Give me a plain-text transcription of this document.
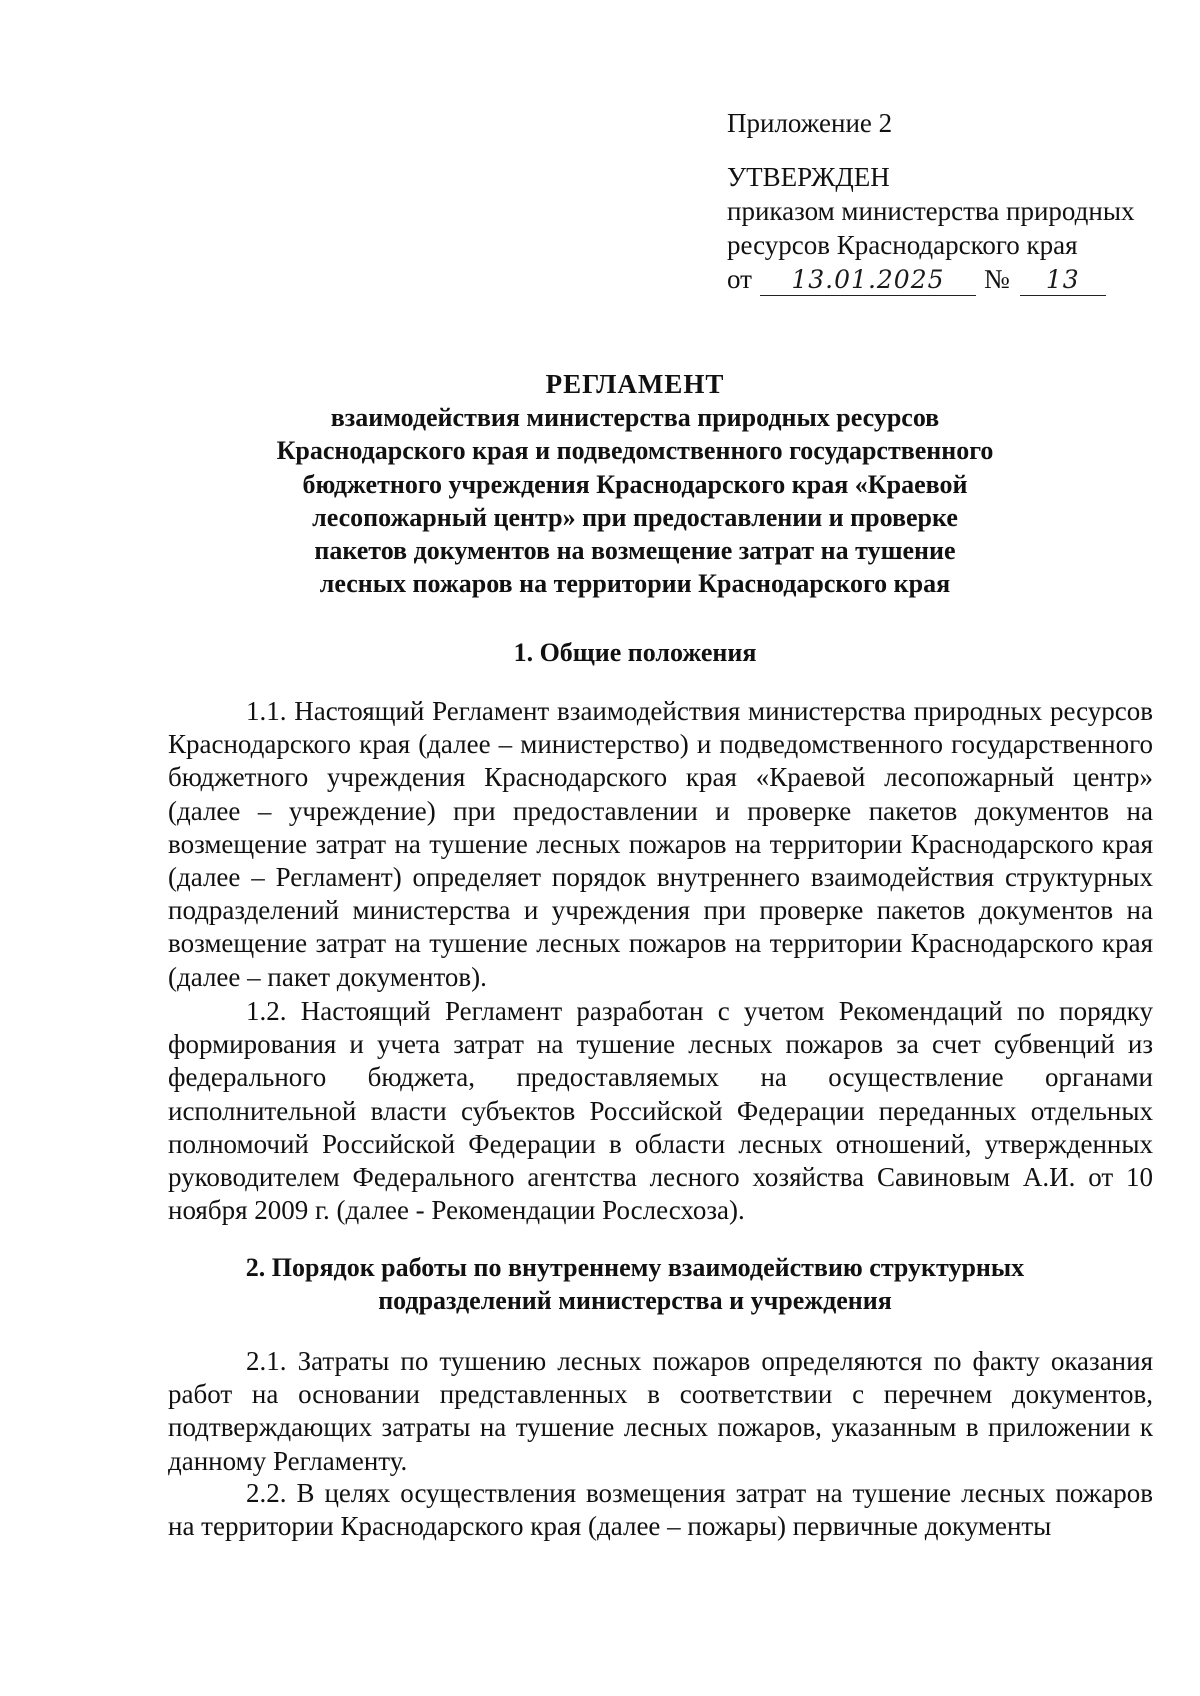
Приложение 2
УТВЕРЖДЕН
приказом министерства природных
ресурсов Краснодарского края
от	13.01.2025	№	13
РЕГЛАМЕНТ
взаимодействия министерства природных ресурсов
Краснодарского края и подведомственного государственного
бюджетного учреждения Краснодарского края «Краевой
лесопожарный центр» при предоставлении и проверке
пакетов документов на возмещение затрат на тушение
лесных пожаров на территории Краснодарского края
1. Общие положения
1.1. Настоящий Регламент взаимодействия министерства природных ресурсов Краснодарского края (далее – министерство) и подведомственного государственного бюджетного учреждения Краснодарского края «Краевой лесопожарный центр» (далее – учреждение) при предоставлении и проверке пакетов документов на возмещение затрат на тушение лесных пожаров на территории Краснодарского края (далее – Регламент) определяет порядок внутреннего взаимодействия структурных подразделений министерства и учреждения при проверке пакетов документов на возмещение затрат на тушение лесных пожаров на территории Краснодарского края (далее – пакет документов).
1.2. Настоящий Регламент разработан с учетом Рекомендаций по порядку формирования и учета затрат на тушение лесных пожаров за счет субвенций из федерального бюджета, предоставляемых на осуществление органами исполнительной власти субъектов Российской Федерации переданных отдельных полномочий Российской Федерации в области лесных отношений, утвержденных руководителем Федерального агентства лесного хозяйства Савиновым А.И. от 10 ноября 2009 г. (далее - Рекомендации Рослесхоза).
2. Порядок работы по внутреннему взаимодействию структурных
подразделений министерства и учреждения
2.1. Затраты по тушению лесных пожаров определяются по факту оказания работ на основании представленных в соответствии с перечнем документов, подтверждающих затраты на тушение лесных пожаров, указанным в приложении к данному Регламенту.
2.2. В целях осуществления возмещения затрат на тушение лесных пожаров на территории Краснодарского края (далее – пожары) первичные документы
